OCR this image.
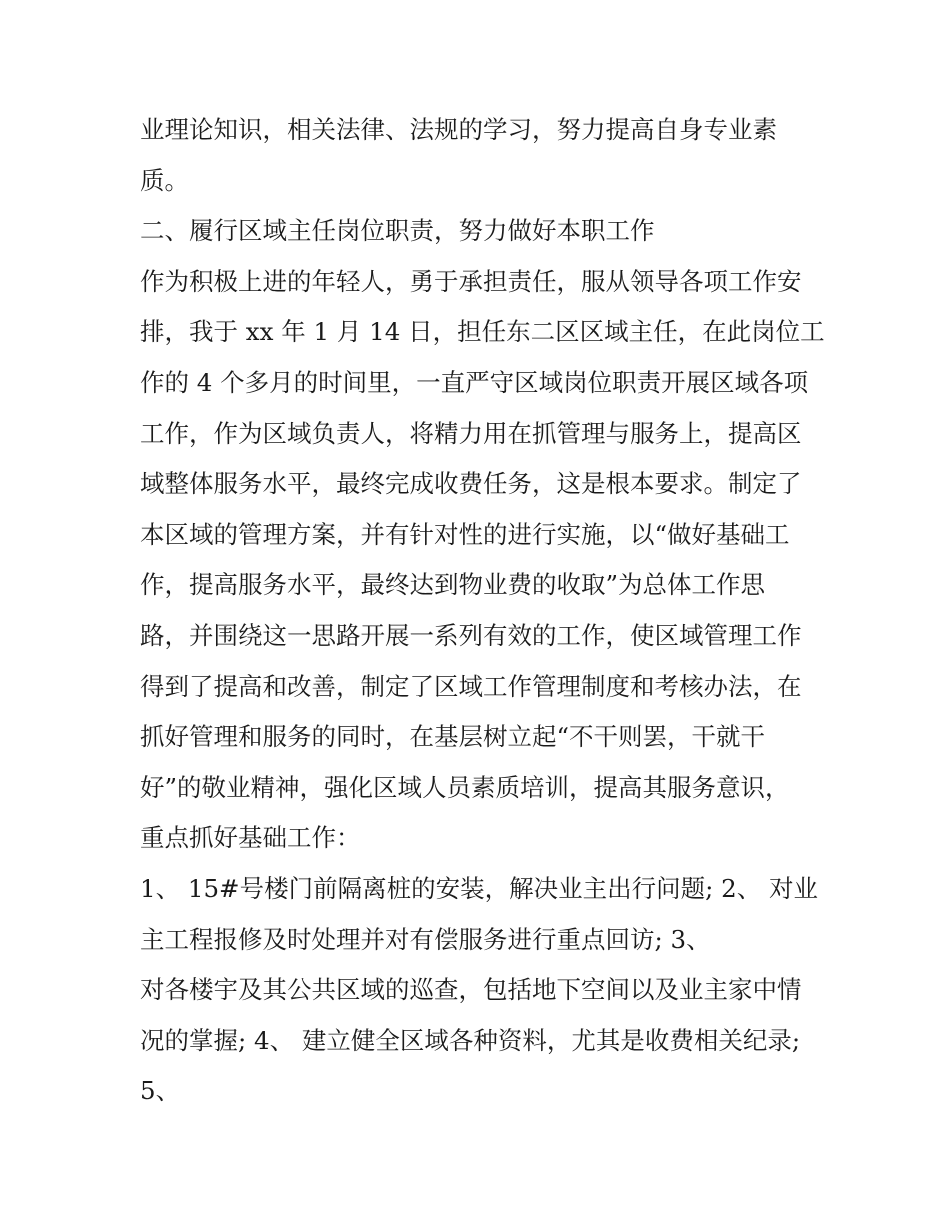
业理论知识，相关法律、法规的学习，努力提高自身专业素
质。
二、履行区域主任岗位职责，努力做好本职工作
作为积极上进的年轻人，勇于承担责任，服从领导各项工作安
排，我于 xx 年 1 月 14 日，担任东二区区域主任，在此岗位工
作的 4 个多月的时间里，一直严守区域岗位职责开展区域各项
工作，作为区域负责人，将精力用在抓管理与服务上，提高区
域整体服务水平，最终完成收费任务，这是根本要求。制定了
本区域的管理方案，并有针对性的进行实施，以“做好基础工
作，提高服务水平，最终达到物业费的收取”为总体工作思
路，并围绕这一思路开展一系列有效的工作，使区域管理工作
得到了提高和改善，制定了区域工作管理制度和考核办法，在
抓好管理和服务的同时，在基层树立起“不干则罢，干就干
好”的敬业精神，强化区域人员素质培训，提高其服务意识，
重点抓好基础工作：
1、 15#号楼门前隔离桩的安装，解决业主出行问题; 2、 对业
主工程报修及时处理并对有偿服务进行重点回访; 3、
对各楼宇及其公共区域的巡查，包括地下空间以及业主家中情
况的掌握; 4、 建立健全区域各种资料，尤其是收费相关纪录;
5、
